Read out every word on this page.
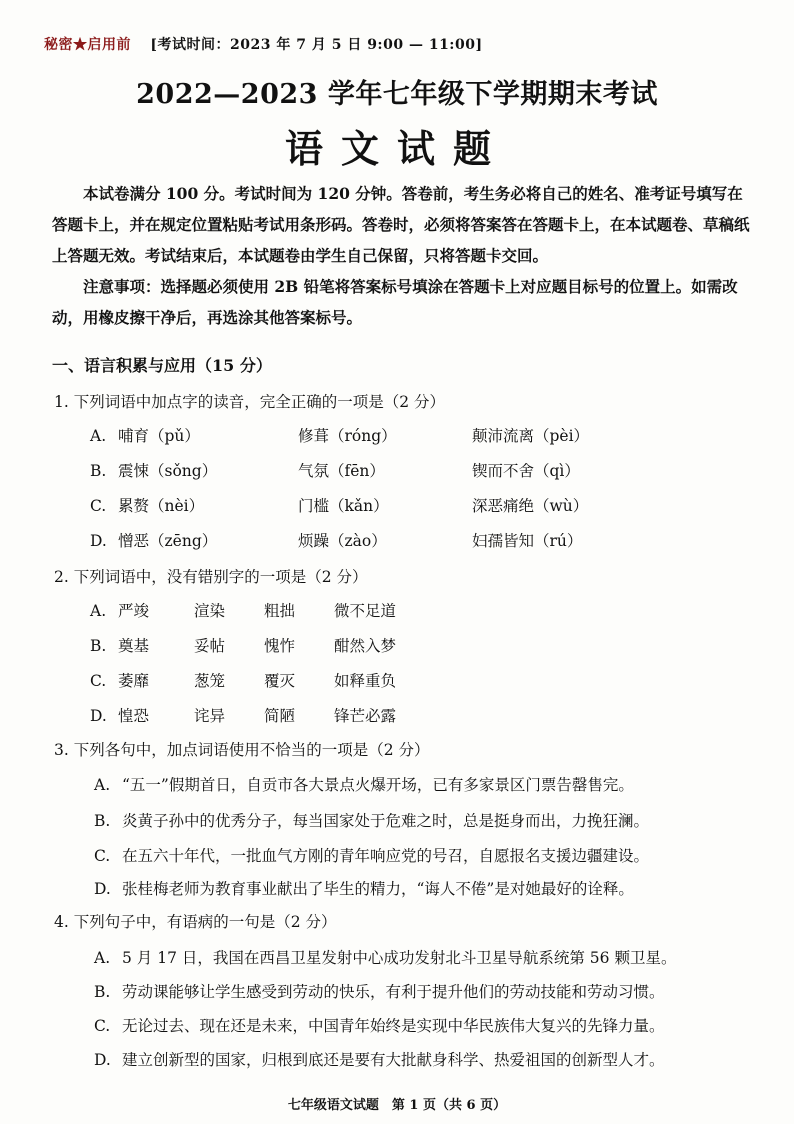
秘密★启用前 [考试时间：2023 年 7 月 5 日 9:00 — 11:00]
2022—2023 学年七年级下学期期末考试
语文试题

本试卷满分 100 分。考试时间为 120 分钟。答卷前，考生务必将自己的姓名、准考证号填写在答题卡上，并在规定位置粘贴考试用条形码。答卷时，必须将答案答在答题卡上，在本试题卷、草稿纸上答题无效。考试结束后，本试题卷由学生自己保留，只将答题卡交回。

注意事项：选择题必须使用 2B 铅笔将答案标号填涂在答题卡上对应题目标号的位置上。如需改动，用橡皮擦干净后，再选涂其他答案标号。

一、语言积累与应用（15 分）
1. 下列词语中加点字的读音，完全正确的一项是（2 分）
A. 哺育（pǔ）	修葺（róng）	颠沛流离（pèi）
B. 震悚（sǒng）	气氛（fēn）	锲而不舍（qì）
C. 累赘（nèi）	门槛（kǎn）	深恶痛绝（wù）
D. 憎恶（zēng）	烦躁（zào）	妇孺皆知（rú）
2. 下列词语中，没有错别字的一项是（2 分）
A. 严竣	渲染	粗拙	微不足道
B. 奠基	妥帖	愧怍	酣然入梦
C. 萎靡	葱笼	覆灭	如释重负
D. 惶恐	诧异	简陋	锋芒必露
3. 下列各句中，加点词语使用不恰当的一项是（2 分）
A. “五一”假期首日，自贡市各大景点火爆开场，已有多家景区门票告罄售完。
B. 炎黄子孙中的优秀分子，每当国家处于危难之时，总是挺身而出，力挽狂澜。
C. 在五六十年代，一批血气方刚的青年响应党的号召，自愿报名支援边疆建设。
D. 张桂梅老师为教育事业献出了毕生的精力，“诲人不倦”是对她最好的诠释。
4. 下列句子中，有语病的一句是（2 分）
A. 5 月 17 日，我国在西昌卫星发射中心成功发射北斗卫星导航系统第 56 颗卫星。
B. 劳动课能够让学生感受到劳动的快乐，有利于提升他们的劳动技能和劳动习惯。
C. 无论过去、现在还是未来，中国青年始终是实现中华民族伟大复兴的先锋力量。
D. 建立创新型的国家，归根到底还是要有大批献身科学、热爱祖国的创新型人才。
七年级语文试题　第 1 页（共 6 页）
